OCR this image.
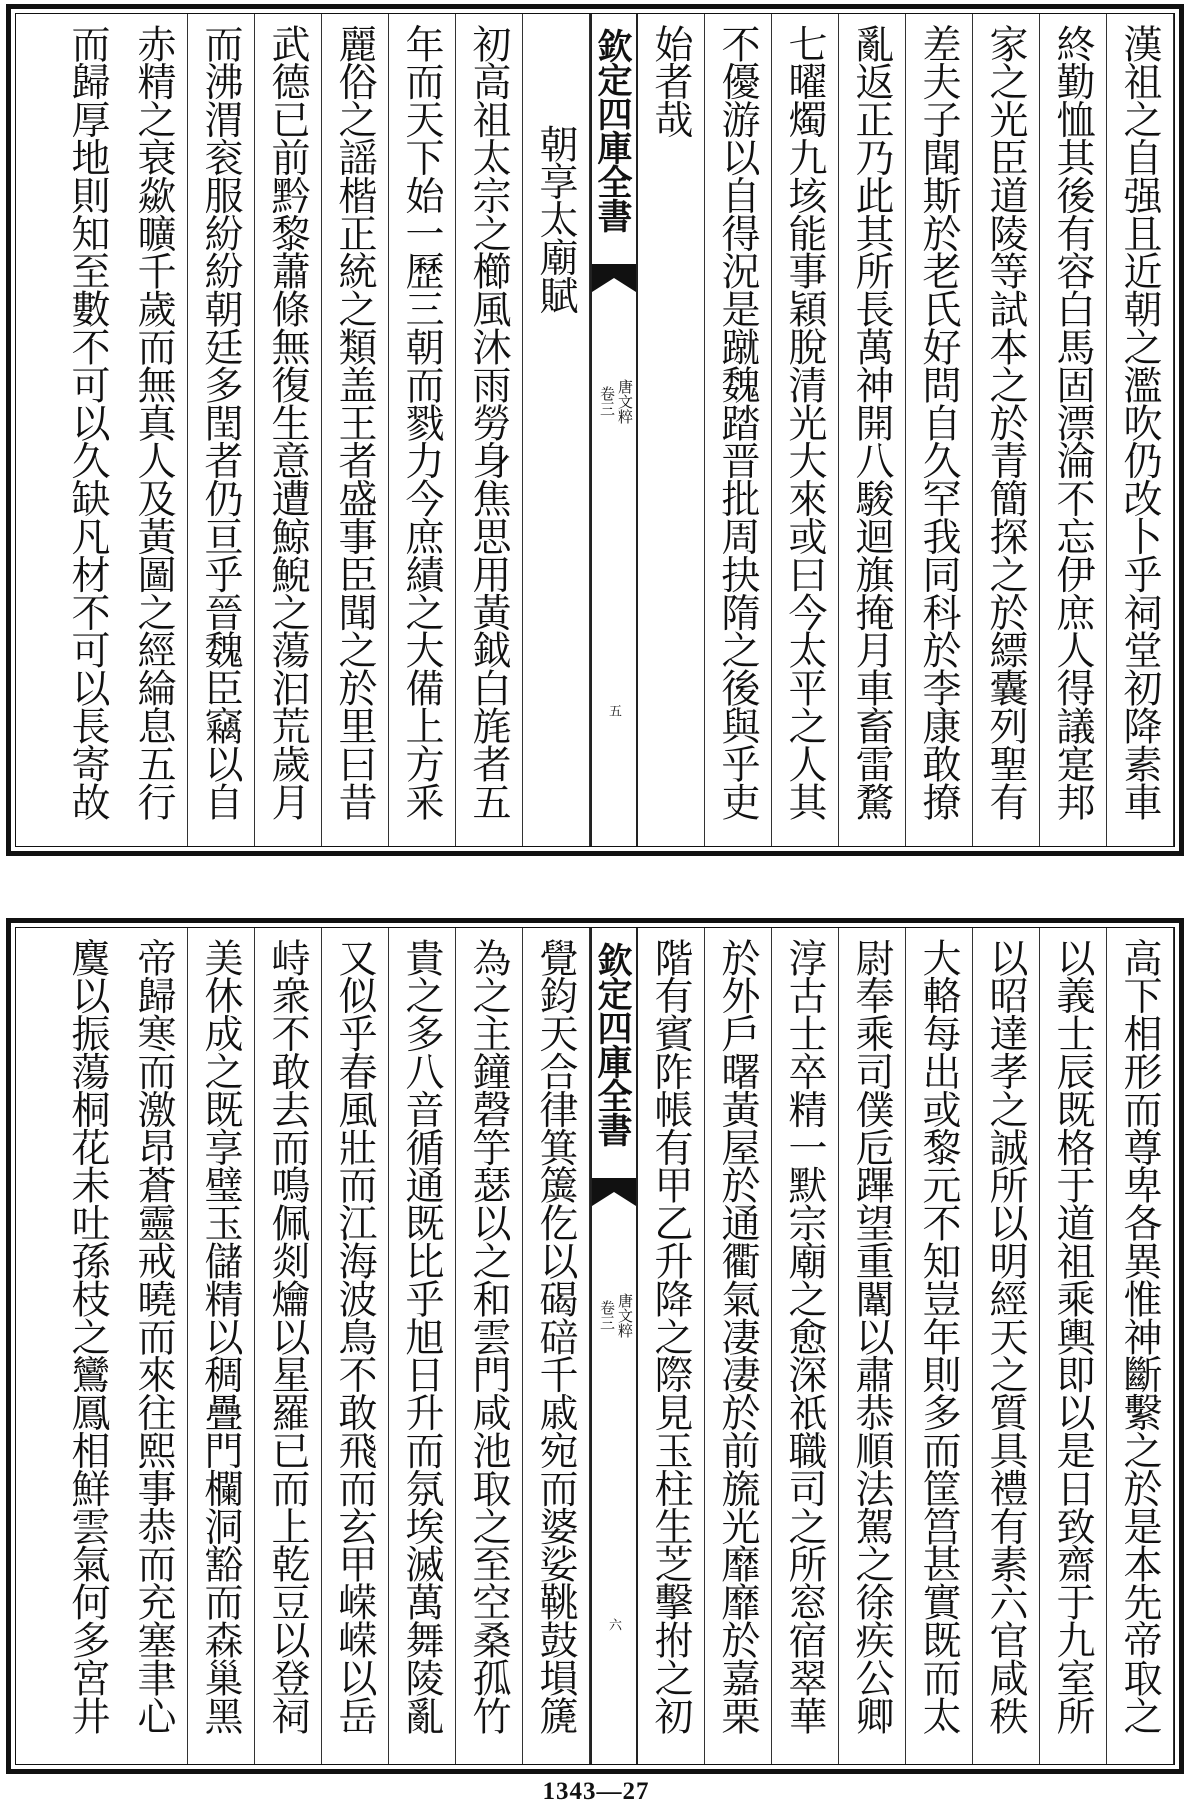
漢祖之自强且近朝之濫吹仍改卜乎祠堂初降素車
終勤恤其後有容白馬固漂淪不忘伊庶人得議寔邦
家之光臣道陵等試本之於青簡探之於縹囊列聖有
差夫子聞斯於老氏好問自久罕我同科於李康敢撩
亂返正乃此其所長萬神開八駿迴旗掩月車畜雷騖
七曜燭九垓能事穎脫清光大來或曰今太平之人其
不優游以自得況是蹴魏踏晋批周抉隋之後與乎吏
始者哉
欽定四庫全書
唐文粹
卷三
五
朝享太廟賦
初高祖太宗之櫛風沐雨勞身焦思用黃鉞白旄者五
年而天下始一歷三朝而戮力今庶績之大備上方釆
麗俗之謡楷正統之類盖王者盛事臣聞之於里曰昔
武德已前黔黎蕭條無復生意遭鯨鯢之蕩汩荒歲月
而沸渭衮服紛紛朝廷多閏者仍亘乎晉魏臣竊以自
赤精之衰歘曠千歲而無真人及黃圖之經綸息五行
而歸厚地則知至數不可以久缺凡材不可以長寄故
高下相形而尊卑各異惟神斷繫之於是本先帝取之
以義士辰既格于道祖乘輿即以是日致齋于九室所
以昭達孝之誠所以明經天之質具禮有素六官咸秩
大輅每出或黎元不知豈年則多而筐筥甚實既而太
尉奉乘司僕卮蹕望重闈以肅恭順法駕之徐疾公卿
淳古士卒精一默宗廟之愈深祇職司之所窓宿翠華
於外戶曙黃屋於通衢氣凄凄於前旒光靡靡於嘉栗
階有賓阼帳有甲乙升降之際見玉柱生芝擊拊之初
欽定四庫全書
唐文粹
卷三
六
覺鈞天合律箕簴仡以碣碚千戚宛而婆娑鞉鼓塤篪
為之主鐘磬竽瑟以之和雲門咸池取之至空桑孤竹
貴之多八音循通既比乎旭日升而氛埃滅萬舞陵亂
又似乎春風壯而江海波鳥不敢飛而玄甲嵘嵘以岳
峙衆不敢去而鳴佩剡爚以星羅已而上乾豆以登祠
美休成之既享璧玉儲精以稠疊門欄洞豁而森巢黑
帝歸寒而激昂蒼靈戒曉而來往熙事恭而充塞聿心
麌以振蕩桐花未吐孫枝之鸞鳳相鮮雲氣何多宮井
1343—27
